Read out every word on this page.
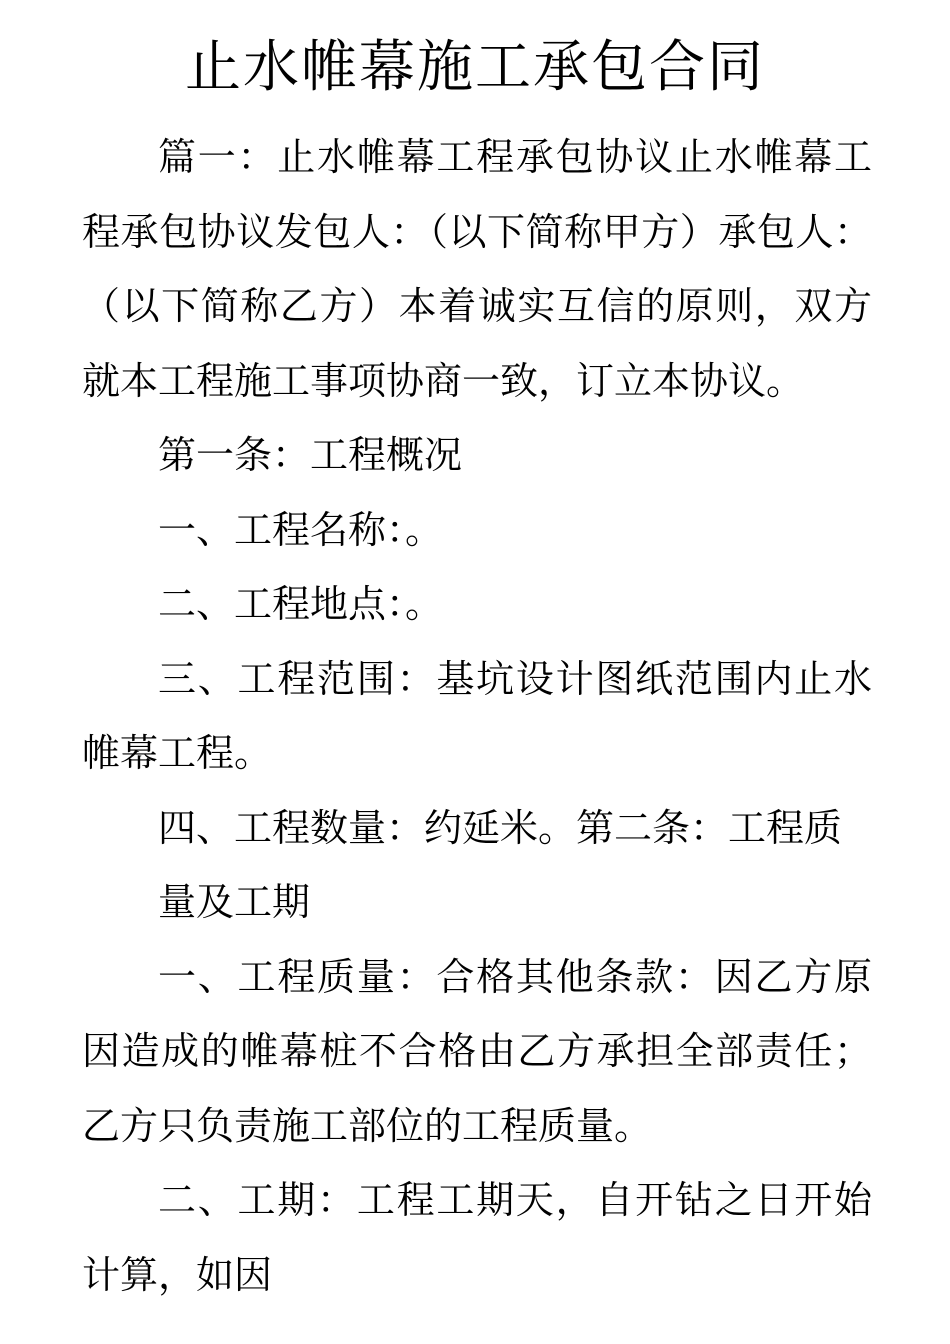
止水帷幕施工承包合同

篇一：止水帷幕工程承包协议止水帷幕工程承包协议发包人：（以下简称甲方）承包人：（以下简称乙方）本着诚实互信的原则，双方就本工程施工事项协商一致，订立本协议。

第一条：工程概况

一、工程名称：。

二、工程地点：。

三、工程范围：基坑设计图纸范围内止水帷幕工程。

四、工程数量：约延米。第二条：工程质

量及工期

一、工程质量：合格其他条款：因乙方原因造成的帷幕桩不合格由乙方承担全部责任；乙方只负责施工部位的工程质量。

二、工期：工程工期天，自开钻之日开始计算，如因
